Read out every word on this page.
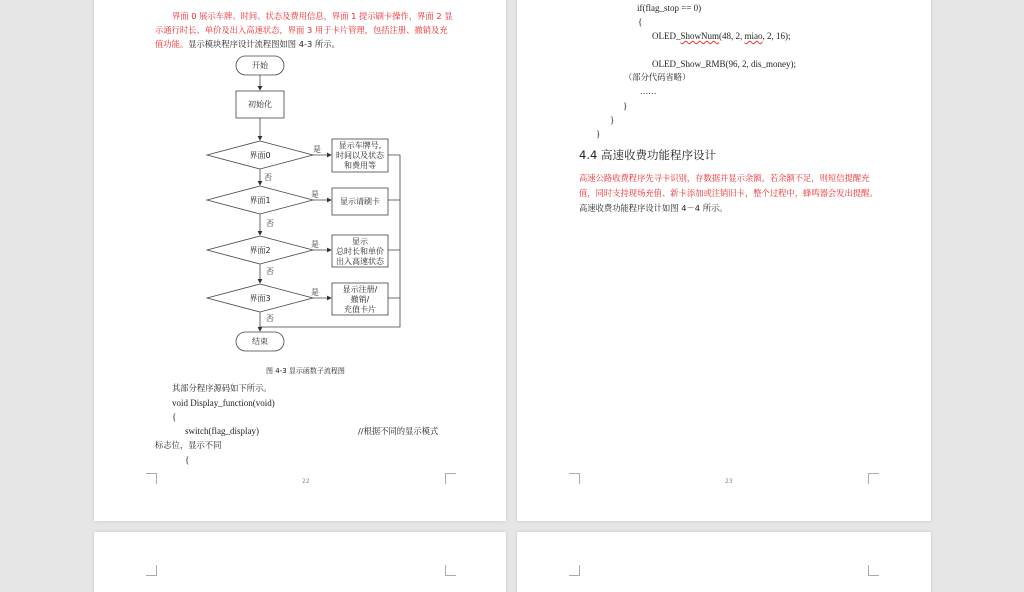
界面 0 展示车牌、时间、状态及费用信息，界面 1 提示刷卡操作，界面 2 显
示通行时长、单价及出入高速状态，界面 3 用于卡片管理，包括注册、撤销及充
值功能。显示模块程序设计流程图如图 4-3 所示。
开始
初始化
界面0
界面1
界面2
界面3
是
是
是
是
否
否
否
否
显示车牌号,
时间以及状态
和费用等
显示请刷卡
显示
总时长和单价
出入高速状态
显示注册/
撤销/
充值卡片
结束
图 4-3 显示函数子流程图
其部分程序源码如下所示。
void Display_function(void)
{
switch(flag_display)	//根据不同的显示模式
标志位，显示不同
{
22
if(flag_stop == 0)
{
OLED_ShowNum(48, 2, miao, 2, 16);
OLED_Show_RMB(96, 2, dis_money);
（部分代码省略）
……
}
}
}
4.4 高速收费功能程序设计
高速公路收费程序先寻卡识别，存数据并显示余额。若余额不足，则短信提醒充
值，同时支持现场充值、新卡添加或注销旧卡，整个过程中，蜂鸣器会发出提醒。
高速收费功能程序设计如图 4－4 所示。
23
